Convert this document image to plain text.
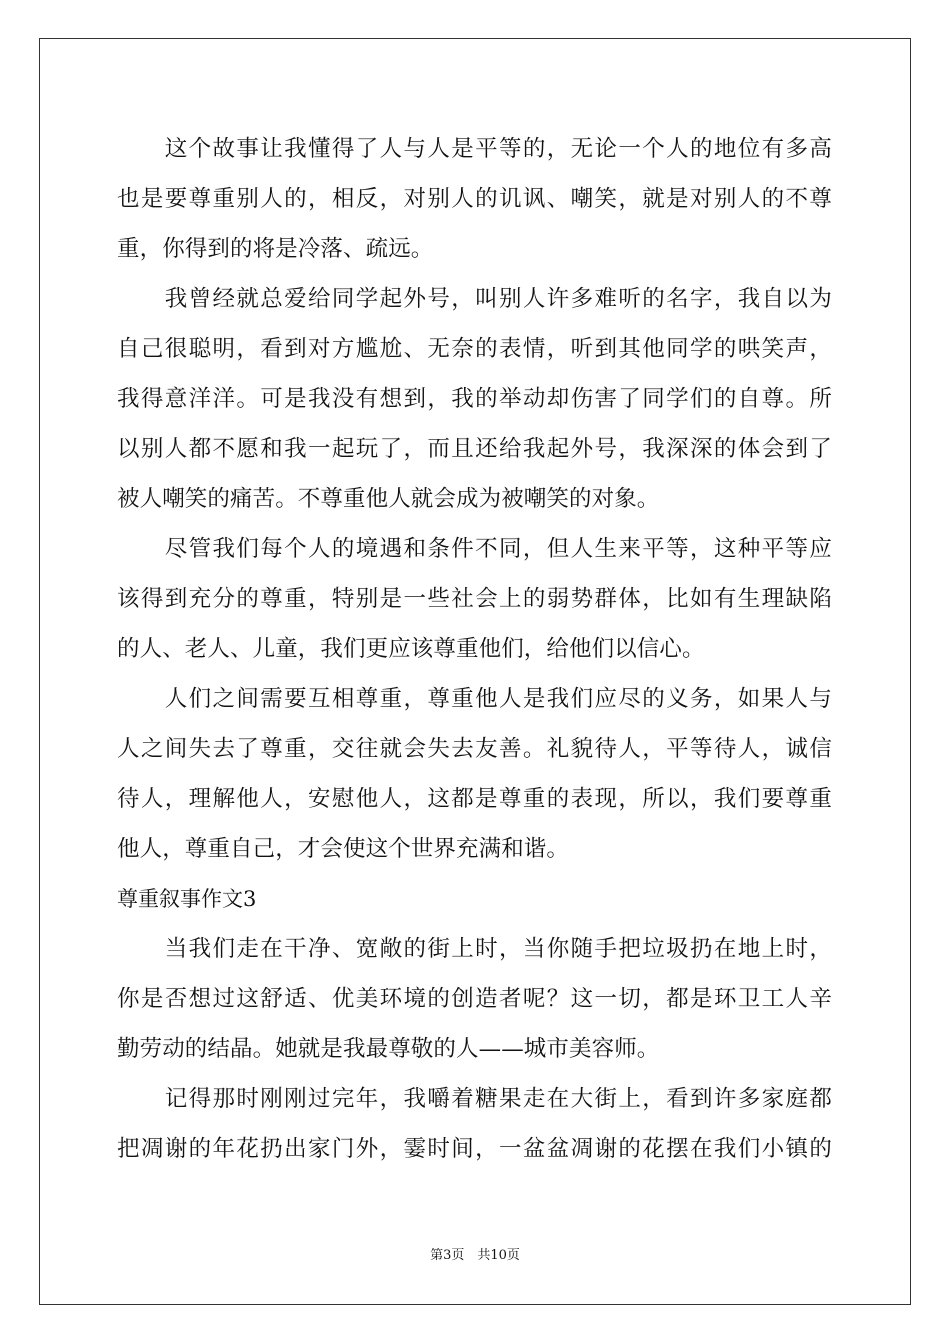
　　这个故事让我懂得了人与人是平等的，无论一个人的地位有多高
也是要尊重别人的，相反，对别人的讥讽、嘲笑，就是对别人的不尊
重，你得到的将是冷落、疏远。
　　我曾经就总爱给同学起外号，叫别人许多难听的名字，我自以为
自己很聪明，看到对方尴尬、无奈的表情，听到其他同学的哄笑声，
我得意洋洋。可是我没有想到，我的举动却伤害了同学们的自尊。所
以别人都不愿和我一起玩了，而且还给我起外号，我深深的体会到了
被人嘲笑的痛苦。不尊重他人就会成为被嘲笑的对象。
　　尽管我们每个人的境遇和条件不同，但人生来平等，这种平等应
该得到充分的尊重，特别是一些社会上的弱势群体，比如有生理缺陷
的人、老人、儿童，我们更应该尊重他们，给他们以信心。
　　人们之间需要互相尊重，尊重他人是我们应尽的义务，如果人与
人之间失去了尊重，交往就会失去友善。礼貌待人，平等待人，诚信
待人，理解他人，安慰他人，这都是尊重的表现，所以，我们要尊重
他人，尊重自己，才会使这个世界充满和谐。
尊重叙事作文3
　　当我们走在干净、宽敞的街上时，当你随手把垃圾扔在地上时，
你是否想过这舒适、优美环境的创造者呢？这一切，都是环卫工人辛
勤劳动的结晶。她就是我最尊敬的人——城市美容师。
　　记得那时刚刚过完年，我嚼着糖果走在大街上，看到许多家庭都
把凋谢的年花扔出家门外，霎时间，一盆盆凋谢的花摆在我们小镇的
第3页　共10页
